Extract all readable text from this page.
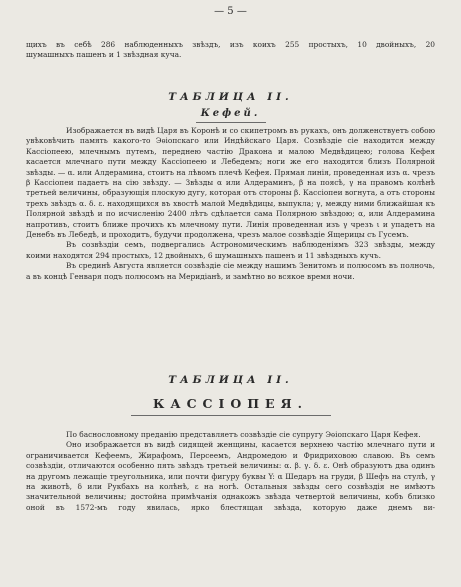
— 5 —

щихъ въ себѣ 286 наблюденныхъ звѣздъ, изъ коихъ 255 простыхъ, 10 двойныхъ, 20

шумашныхъ пашенъ и 1 звѣздная куча.

ТАБЛИЦА II.
Кефей.

Изображается въ видѣ Царя въ Коронѣ и со скипетромъ въ рукахъ, онъ долженствуетъ собою увѣковѣчить память какого-то Эѳіопскаго или Индѣйскаго Царя. Созвѣздіе сіе находится между Кассіопеею, млечнымъ путемъ, переднею частію Дракона и малою Медвѣдицею; голова Кефея касается млечнаго пути между Кассіопеею и Лебедемъ; ноги же его находятся близъ Полярной звѣзды. — α. или Алдерамина, стоитъ на лѣвомъ плечѣ Кефея. Прямая линія, проведенная изъ α. чрезъ β Кассіопеи падаетъ на сію звѣзду. — Звѣзды α или Алдераминъ, β на поясѣ, γ на правомъ колѣнѣ третьей величины, образующія плоскую дугу, которая отъ стороны β. Кассіопеи вогнута, а отъ стороны трехъ звѣздъ α. δ. ε. находящихся въ хвостѣ малой Медвѣдицы, выпукла; γ, между ними ближайшая къ Полярной звѣздѣ и по исчисленію 2400 лѣтъ сдѣлается сама Полярною звѣздою; α, или Алдерамина напротивъ, стоитъ ближе прочихъ къ млечному пути. Линія проведенная изъ γ чрезъ ι и упадетъ на Денебъ въ Лебедѣ, и проходитъ, будучи продолжена, чрезъ малое созвѣздіе Ящерицы съ Гусемъ.

Въ созвѣздіи семъ, подвергались Астрономическимъ наблюденіямъ 323 звѣзды, между коими находятся 294 простыхъ, 12 двойныхъ, 6 шумашныхъ пашенъ и 11 звѣздныхъ кучъ.

Въ срединѣ Августа является созвѣздіе сіе между нашимъ Зенитомъ и полюсомъ въ полночь, а въ концѣ Генваря подъ полюсомъ на Меридіанѣ, и замѣтно во всякое время ночи.

ТАБЛИЦА II.
КАССІОПЕЯ.

По баснословному преданію представляетъ созвѣздіе сіе супругу Эѳіопскаго Царя Кефея.

Оно изображается въ видѣ сидящей женщины, касается верхнею частію млечнаго пути и ограничивается Кефеемъ, Жирафомъ, Персеемъ, Андромедою и Фридриховою славою. Въ семъ созвѣздіи, отличаются особенно пять звѣздъ третьей величины: α. β. γ. δ. ε. Онѣ образуютъ два одинъ на другомъ лежащіе треугольника, или почти фигуру буквы Y: α Шедаръ на груди, β Шефъ на стулѣ, γ на животѣ, δ или Рукбахъ на колѣнѣ, ε на ногѣ. Остальныя звѣзды сего созвѣздія не имѣютъ значительной величины; достойна примѣчанія однакожъ звѣзда четвертой величины, кобъ близко оной въ 1572-мъ году явилась, ярко блестящая звѣзда, которую даже днемъ ви-
